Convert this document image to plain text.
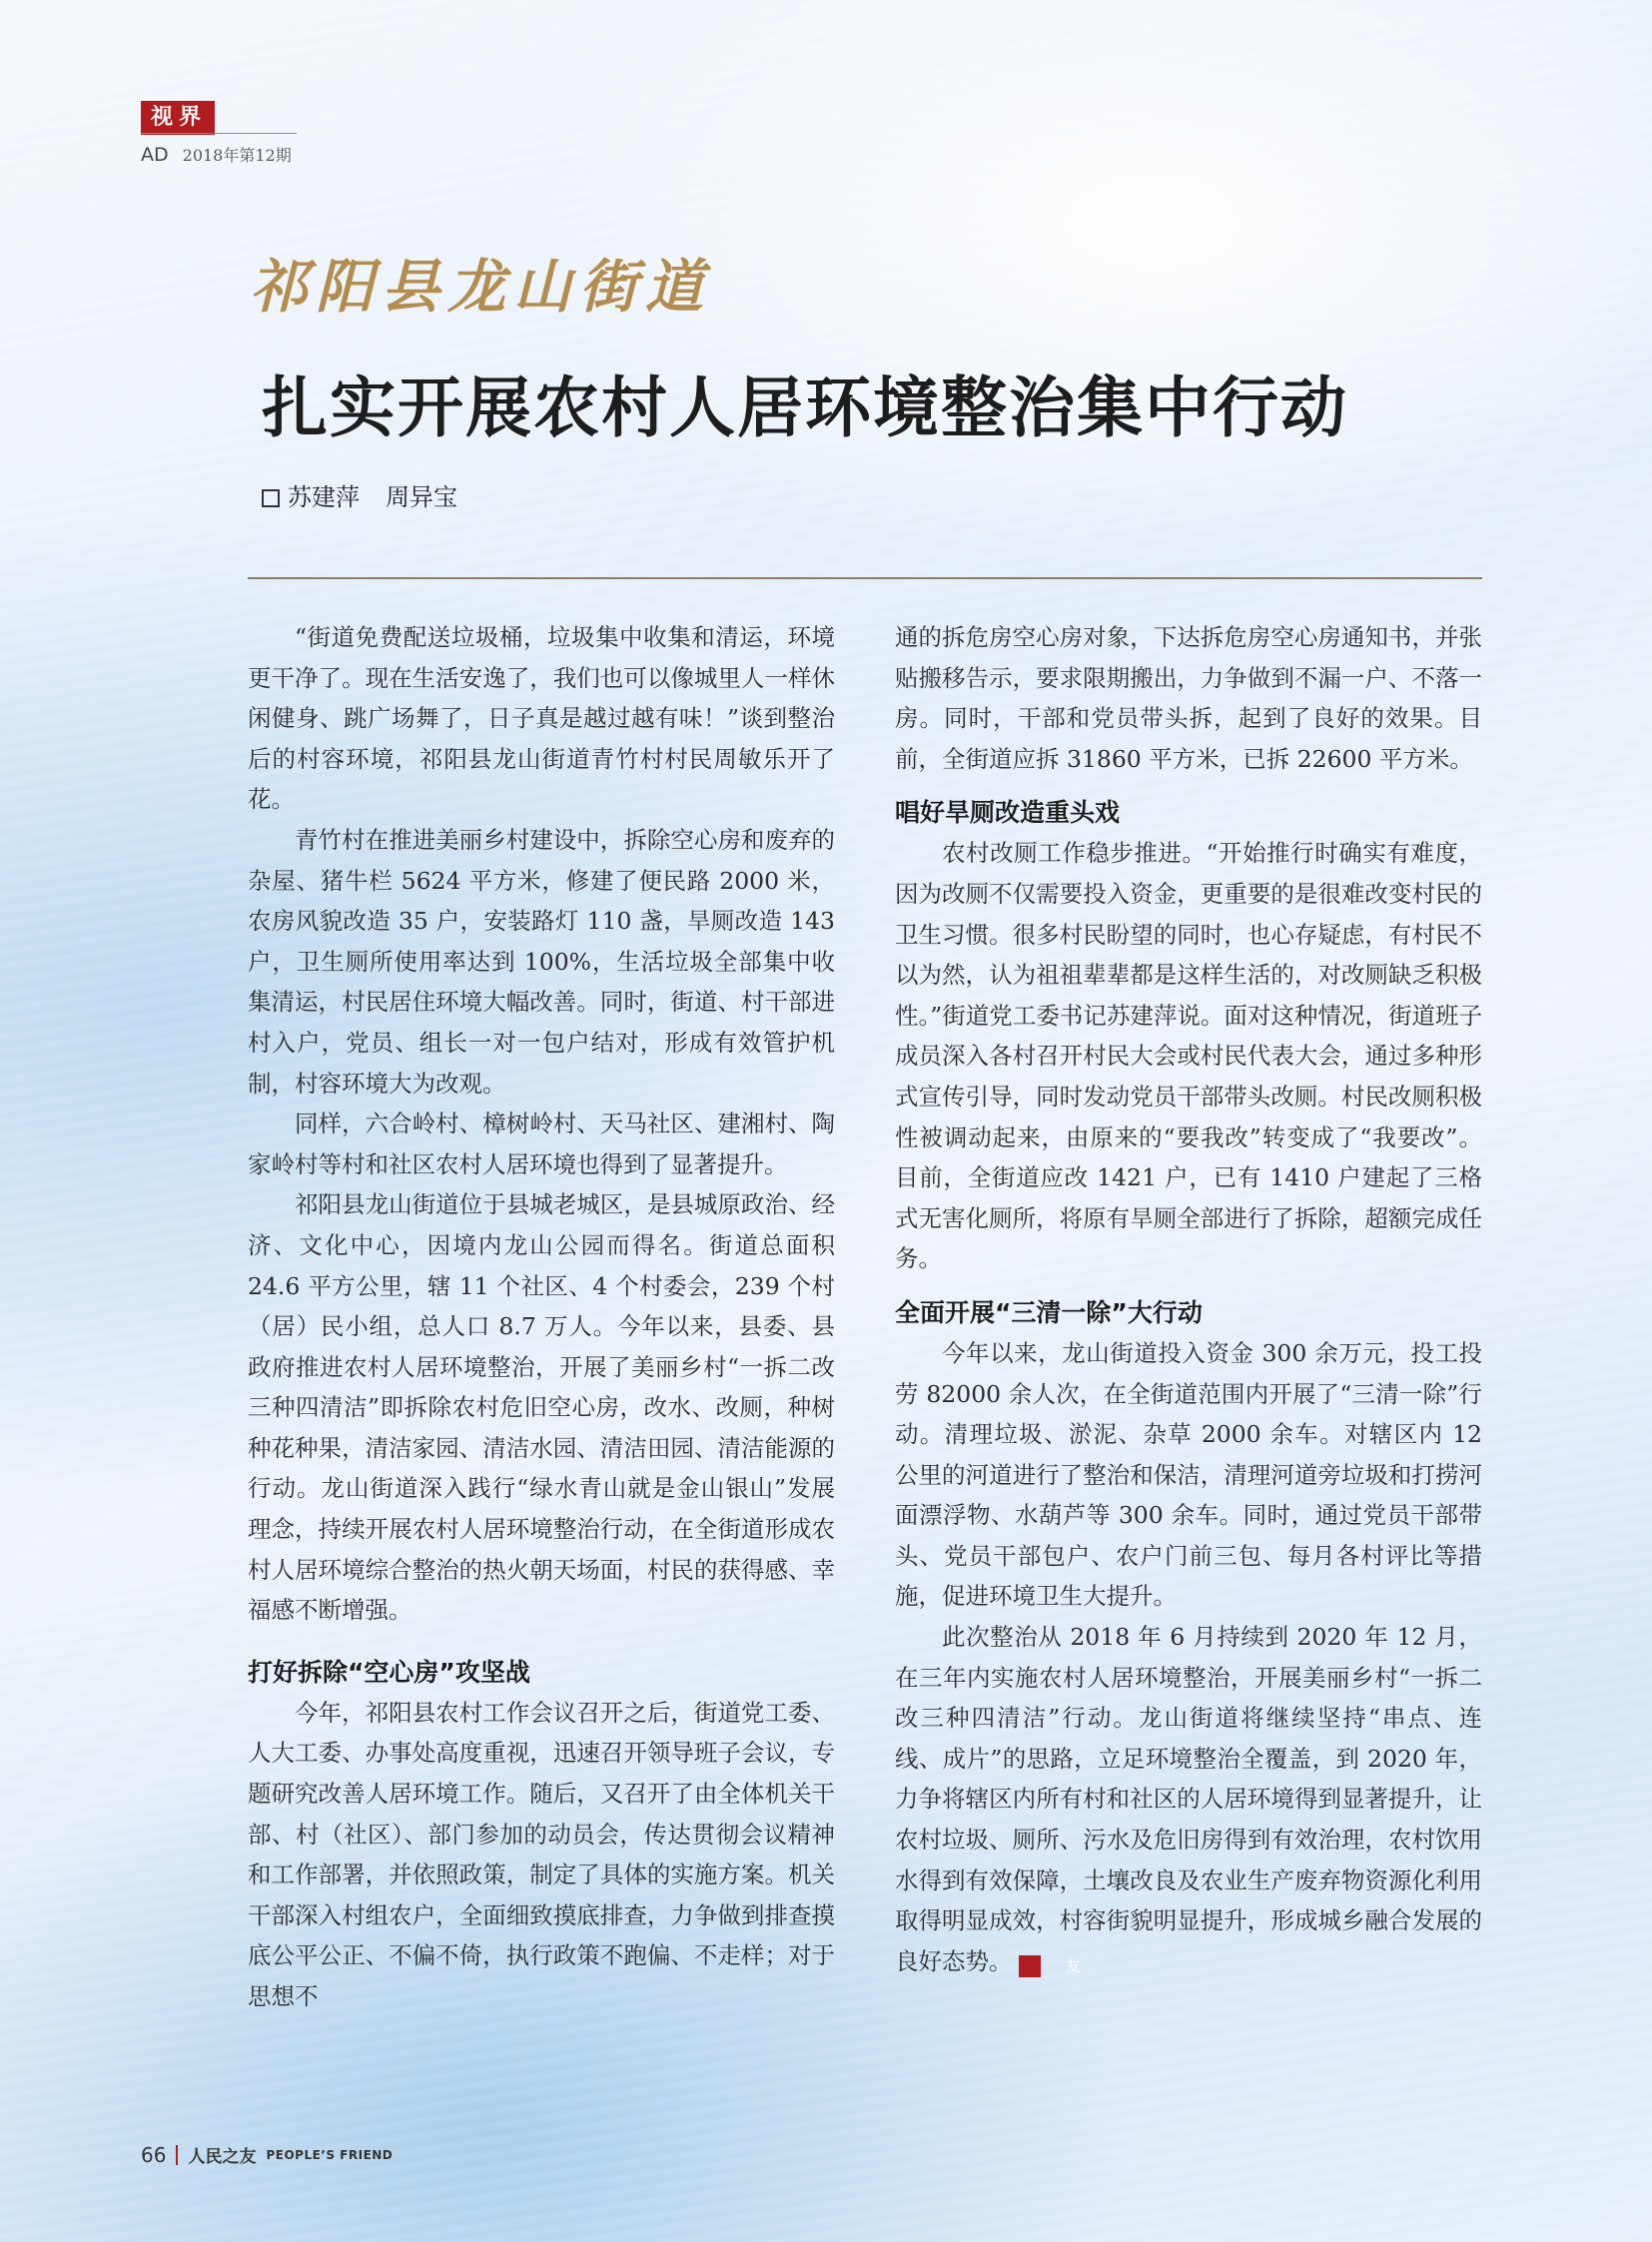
视界
AD 2018年第12期
祁阳县龙山街道
扎实开展农村人居环境整治集中行动
苏建萍 周异宝

“街道免费配送垃圾桶，垃圾集中收集和清运，环境更干净了。现在生活安逸了，我们也可以像城里人一样休闲健身、跳广场舞了，日子真是越过越有味！”谈到整治后的村容环境，祁阳县龙山街道青竹村村民周敏乐开了花。

青竹村在推进美丽乡村建设中，拆除空心房和废弃的杂屋、猪牛栏 5624 平方米，修建了便民路 2000 米，农房风貌改造 35 户，安装路灯 110 盏，旱厕改造 143 户，卫生厕所使用率达到 100%，生活垃圾全部集中收集清运，村民居住环境大幅改善。同时，街道、村干部进村入户，党员、组长一对一包户结对，形成有效管护机制，村容环境大为改观。

同样，六合岭村、樟树岭村、天马社区、建湘村、陶家岭村等村和社区农村人居环境也得到了显著提升。

祁阳县龙山街道位于县城老城区，是县城原政治、经济、文化中心，因境内龙山公园而得名。街道总面积 24.6 平方公里，辖 11 个社区、4 个村委会，239 个村（居）民小组，总人口 8.7 万人。今年以来，县委、县政府推进农村人居环境整治，开展了美丽乡村“一拆二改三种四清洁”即拆除农村危旧空心房，改水、改厕，种树种花种果，清洁家园、清洁水园、清洁田园、清洁能源的行动。龙山街道深入践行“绿水青山就是金山银山”发展理念，持续开展农村人居环境整治行动，在全街道形成农村人居环境综合整治的热火朝天场面，村民的获得感、幸福感不断增强。

打好拆除“空心房”攻坚战

今年，祁阳县农村工作会议召开之后，街道党工委、人大工委、办事处高度重视，迅速召开领导班子会议，专题研究改善人居环境工作。随后，又召开了由全体机关干部、村（社区）、部门参加的动员会，传达贯彻会议精神和工作部署，并依照政策，制定了具体的实施方案。机关干部深入村组农户，全面细致摸底排查，力争做到排查摸底公平公正、不偏不倚，执行政策不跑偏、不走样；对于思想不

通的拆危房空心房对象，下达拆危房空心房通知书，并张贴搬移告示，要求限期搬出，力争做到不漏一户、不落一房。同时，干部和党员带头拆，起到了良好的效果。目前，全街道应拆 31860 平方米，已拆 22600 平方米。

唱好旱厕改造重头戏

农村改厕工作稳步推进。“开始推行时确实有难度，因为改厕不仅需要投入资金，更重要的是很难改变村民的卫生习惯。很多村民盼望的同时，也心存疑虑，有村民不以为然，认为祖祖辈辈都是这样生活的，对改厕缺乏积极性。”街道党工委书记苏建萍说。面对这种情况，街道班子成员深入各村召开村民大会或村民代表大会，通过多种形式宣传引导，同时发动党员干部带头改厕。村民改厕积极性被调动起来，由原来的“要我改”转变成了“我要改”。目前，全街道应改 1421 户，已有 1410 户建起了三格式无害化厕所，将原有旱厕全部进行了拆除，超额完成任务。

全面开展“三清一除”大行动

今年以来，龙山街道投入资金 300 余万元，投工投劳 82000 余人次，在全街道范围内开展了“三清一除”行动。清理垃圾、淤泥、杂草 2000 余车。对辖区内 12 公里的河道进行了整治和保洁，清理河道旁垃圾和打捞河面漂浮物、水葫芦等 300 余车。同时，通过党员干部带头、党员干部包户、农户门前三包、每月各村评比等措施，促进环境卫生大提升。

此次整治从 2018 年 6 月持续到 2020 年 12 月，在三年内实施农村人居环境整治，开展美丽乡村“一拆二改三种四清洁”行动。龙山街道将继续坚持“串点、连线、成片”的思路，立足环境整治全覆盖，到 2020 年，力争将辖区内所有村和社区的人居环境得到显著提升，让农村垃圾、厕所、污水及危旧房得到有效治理，农村饮用水得到有效保障，土壤改良及农业生产废弃物资源化利用取得明显成效，村容街貌明显提升，形成城乡融合发展的良好态势。	友

66 人民之友 PEOPLE’S FRIEND
